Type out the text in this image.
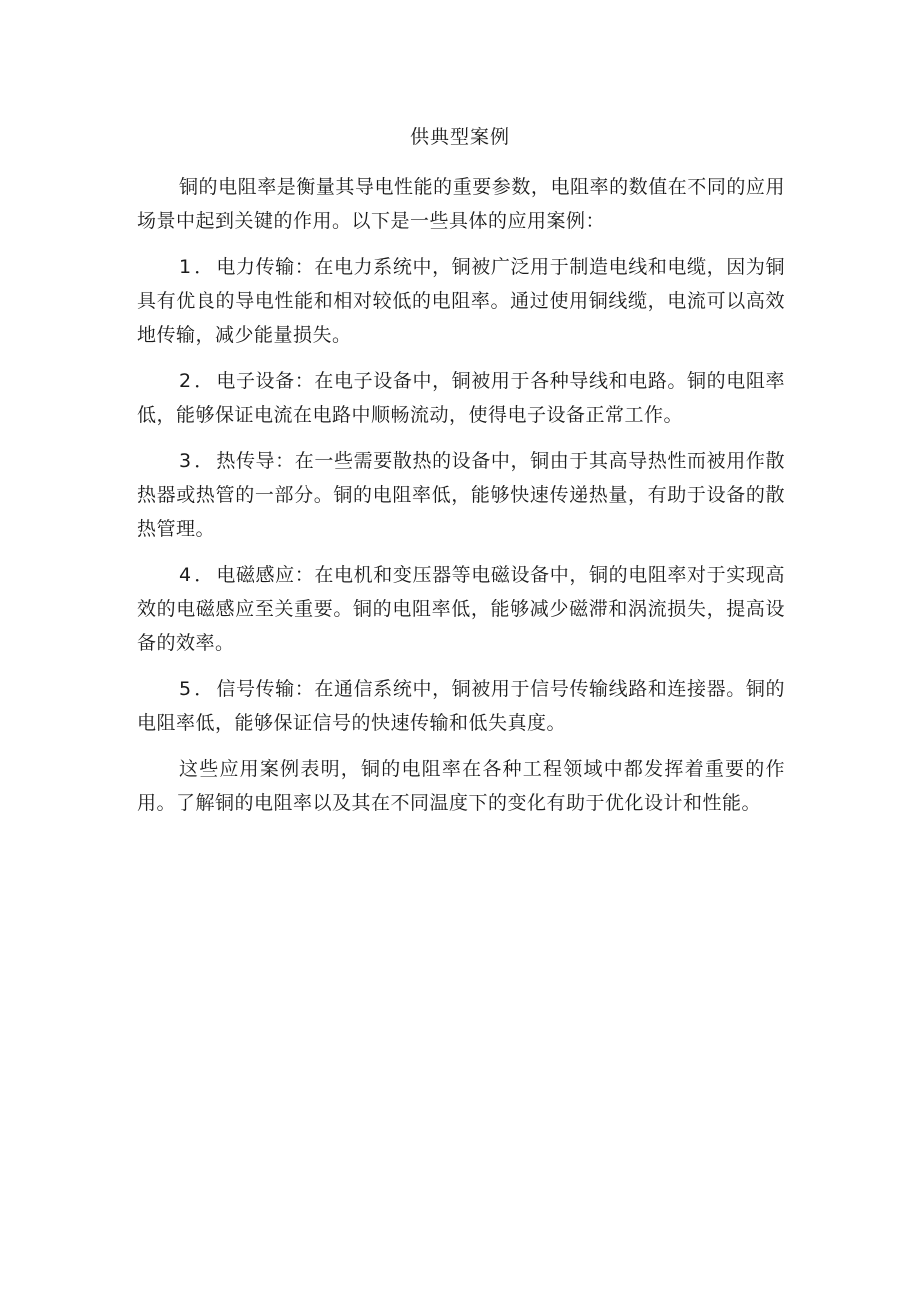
供典型案例

铜的电阻率是衡量其导电性能的重要参数，电阻率的数值在不同的应用场景中起到关键的作用。以下是一些具体的应用案例：

1．电力传输：在电力系统中，铜被广泛用于制造电线和电缆，因为铜具有优良的导电性能和相对较低的电阻率。通过使用铜线缆，电流可以高效地传输，减少能量损失。

2．电子设备：在电子设备中，铜被用于各种导线和电路。铜的电阻率低，能够保证电流在电路中顺畅流动，使得电子设备正常工作。

3．热传导：在一些需要散热的设备中，铜由于其高导热性而被用作散热器或热管的一部分。铜的电阻率低，能够快速传递热量，有助于设备的散热管理。

4．电磁感应：在电机和变压器等电磁设备中，铜的电阻率对于实现高效的电磁感应至关重要。铜的电阻率低，能够减少磁滞和涡流损失，提高设备的效率。

5．信号传输：在通信系统中，铜被用于信号传输线路和连接器。铜的电阻率低，能够保证信号的快速传输和低失真度。

这些应用案例表明，铜的电阻率在各种工程领域中都发挥着重要的作用。了解铜的电阻率以及其在不同温度下的变化有助于优化设计和性能。
